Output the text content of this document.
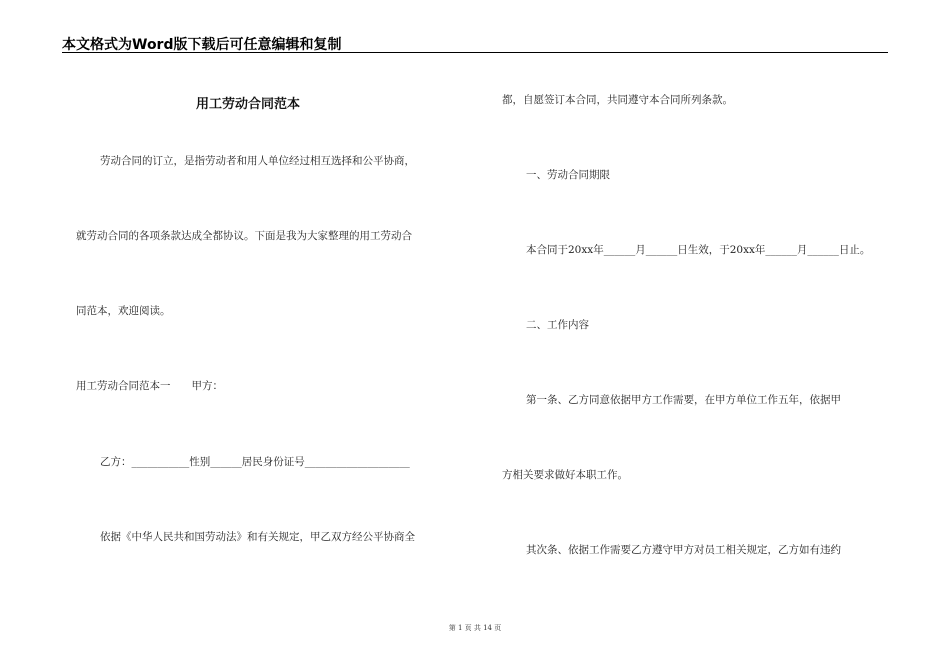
本文格式为Word版下载后可任意编辑和复制
用工劳动合同范本
劳动合同的订立，是指劳动者和用人单位经过相互选择和公平协商，
就劳动合同的各项条款达成全都协议。下面是我为大家整理的用工劳动合
同范本，欢迎阅读。
用工劳动合同范本一　　甲方：
乙方：___________性别______居民身份证号____________________
依据《中华人民共和国劳动法》和有关规定，甲乙双方经公平协商全
都，自愿签订本合同，共同遵守本合同所列条款。
一、劳动合同期限
本合同于20xx年______月______日生效，于20xx年______月______日止。
二、工作内容
第一条、乙方同意依据甲方工作需要，在甲方单位工作五年，依据甲
方相关要求做好本职工作。
其次条、依据工作需要乙方遵守甲方对员工相关规定，乙方如有违约
第 1 页 共 14 页
